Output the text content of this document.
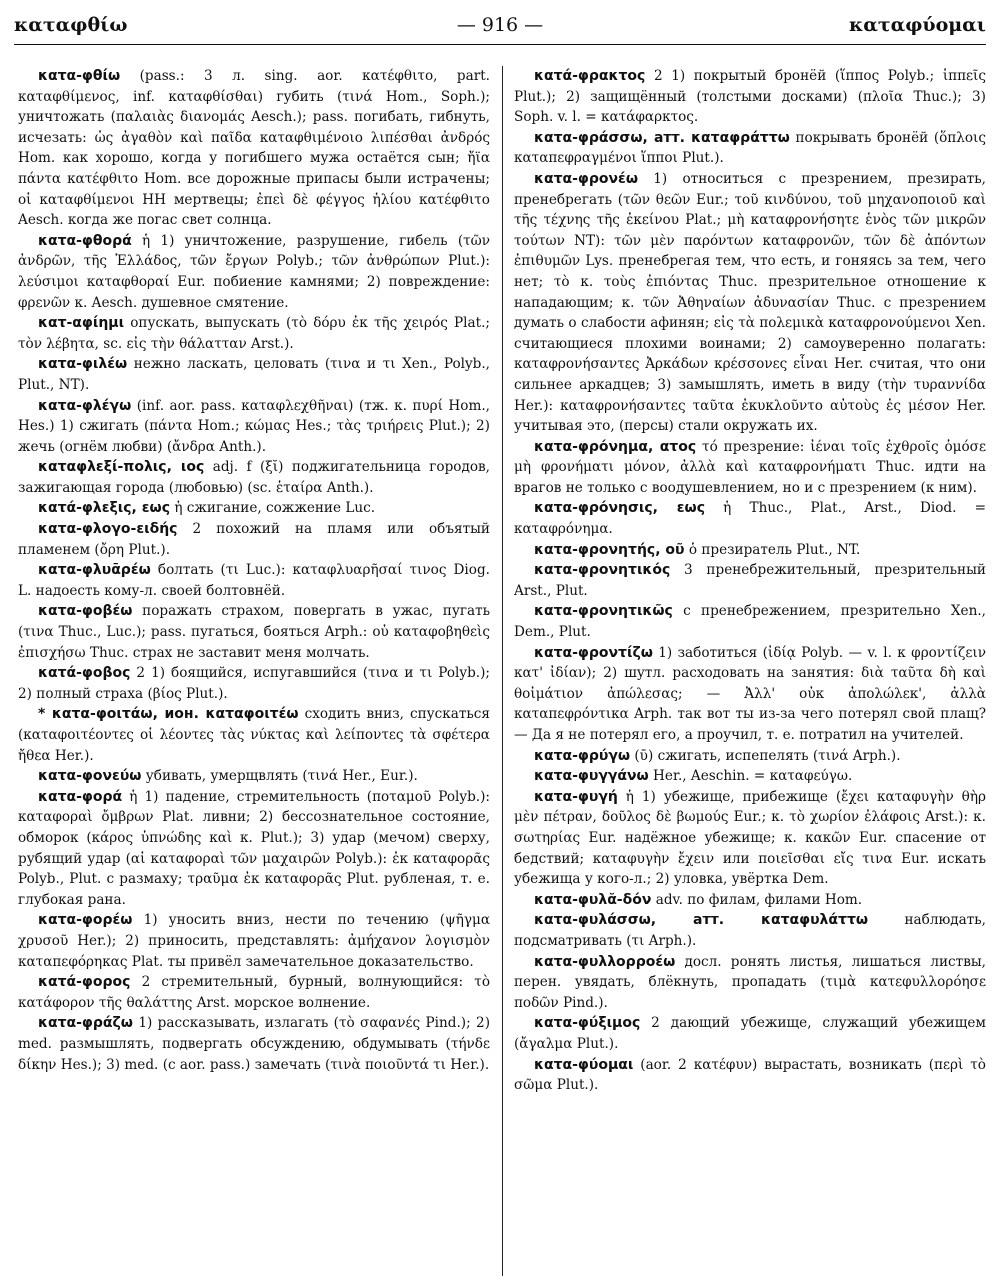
καταφθίω	— 916 —	καταφύομαι

κατα-φθίω (pass.: 3 л. sing. aor. κατέφθιτο, part. καταφθίμενος, inf. καταφθίσθαι) губить (τινά Hom., Soph.); уничтожать (παλαιὰς διανομάς Aesch.); pass. погибать, гибнуть, исчезать: ὡς ἀγαθὸν καὶ παῖδα καταφθιμένοιο λιπέσθαι ἀνδρός Hom. как хорошо, когда у погибшего мужа остаётся сын; ἤϊα πάντα κατέφθιτο Hom. все дорожные припасы были истрачены; οἱ καταφθίμενοι НН мертвецы; ἐπεὶ δὲ φέγγος ἡλίου κατέφθιτο Aesch. когда же погас свет солнца.

κατα-φθορά ἡ 1) уничтожение, разрушение, гибель (τῶν ἀνδρῶν, τῆς Ἑλλάδος, τῶν ἔργων Polyb.; τῶν ἀνθρώπων Plut.): λεύσιμοι καταφθοραί Eur. побиение камнями; 2) повреждение: φρενῶν κ. Aesch. душевное смятение.

κατ-αφίημι опускать, выпускать (τὸ δόρυ ἐκ τῆς χειρός Plat.; τὸν λέβητα, sc. εἰς τὴν θάλατταν Arst.).

κατα-φιλέω нежно ласкать, целовать (τινα и τι Xen., Polyb., Plut., NT).

κατα-φλέγω (inf. aor. pass. καταφλεχθῆναι) (тж. κ. πυρί Hom., Hes.) 1) сжигать (πάντα Hom.; κώμας Hes.; τὰς τριήρεις Plut.); 2) жечь (огнём любви) (ἄνδρα Anth.).

καταφλεξί-πολις, ιος adj. f (ξῐ) поджигательница городов, зажигающая города (любовью) (sc. ἑταίρα Anth.).

κατά-φλεξις, εως ἡ сжигание, сожжение Luc.

κατα-φλογο-ειδής 2 похожий на пламя или объятый пламенем (ὄρη Plut.).

κατα-φλυᾱρέω болтать (τι Luc.): καταφλυαρῆσαί τινος Diog. L. надоесть кому-л. своей болтовнёй.

κατα-φοβέω поражать страхом, повергать в ужас, пугать (τινα Thuc., Luc.); pass. пугаться, бояться Arph.: οὐ καταφοβηθεὶς ἐπισχήσω Thuc. страх не заставит меня молчать.

κατά-φοβος 2 1) боящийся, испугавшийся (τινα и τι Polyb.); 2) полный страха (βίος Plut.).

* κατα-φοιτάω, ион. καταφοιτέω сходить вниз, спускаться (καταφοιτέοντες οἱ λέοντες τὰς νύκτας καὶ λείποντες τὰ σφέτερα ἤθεα Her.).

κατα-φονεύω убивать, умерщвлять (τινά Her., Eur.).

κατα-φορά ἡ 1) падение, стремительность (ποταμοῦ Polyb.): καταφοραὶ ὄμβρων Plat. ливни; 2) бессознательное состояние, обморок (κάρος ὑπνώδης καὶ κ. Plut.); 3) удар (мечом) сверху, рубящий удар (αἱ καταφοραὶ τῶν μαχαιρῶν Polyb.): ἐκ καταφορᾶς Polyb., Plut. с размаху; τραῦμα ἐκ καταφορᾶς Plut. рубленая, т. е. глубокая рана.

κατα-φορέω 1) уносить вниз, нести по течению (ψῆγμα χρυσοῦ Her.); 2) приносить, представлять: ἀμήχανον λογισμὸν καταπεφόρηκας Plat. ты привёл замечательное доказательство.

κατά-φορος 2 стремительный, бурный, волнующийся: τὸ κατάφορον τῆς θαλάττης Arst. морское волнение.

κατα-φράζω 1) рассказывать, излагать (τὸ σαφανές Pind.); 2) med. размышлять, подвергать обсуждению, обдумывать (τήνδε δίκην Hes.); 3) med. (с aor. pass.) замечать (τινὰ ποιοῦντά τι Her.).

κατά-φρακτος 2 1) покрытый бронёй (ἵππος Polyb.; ἱππεῖς Plut.); 2) защищённый (толстыми досками) (πλοῖα Thuc.); 3) Soph. v. l. = κατάφαρκτος.

κατα-φράσσω, атт. καταφράττω покрывать бронёй (ὅπλοις καταπεφραγμένοι ἵπποι Plut.).

κατα-φρονέω 1) относиться с презрением, презирать, пренебрегать (τῶν θεῶν Eur.; τοῦ κινδύνου, τοῦ μηχανοποιοῦ καὶ τῆς τέχνης τῆς ἐκείνου Plat.; μὴ καταφρονήσητε ἑνὸς τῶν μικρῶν τούτων NT): τῶν μὲν παρόντων καταφρονῶν, τῶν δὲ ἀπόντων ἐπιθυμῶν Lys. пренебрегая тем, что есть, и гоняясь за тем, чего нет; τὸ κ. τοὺς ἐπιόντας Thuc. презрительное отношение к нападающим; κ. τῶν Ἀθηναίων ἀδυνασίαν Thuc. с презрением думать о слабости афинян; εἰς τὰ πολεμικὰ καταφρονούμενοι Xen. считающиеся плохими воинами; 2) самоуверенно полагать: καταφρονήσαντες Ἀρκάδων κρέσσονες εἶναι Her. считая, что они сильнее аркадцев; 3) замышлять, иметь в виду (τὴν τυραννίδα Her.): καταφρονήσαντες ταῦτα ἐκυκλοῦντο αὐτοὺς ἐς μέσον Her. учитывая это, (персы) стали окружать их.

κατα-φρόνημα, ατος τό презрение: ἰέναι τοῖς ἐχθροῖς ὁμόσε μὴ φρονήματι μόνον, ἀλλὰ καὶ καταφρονήματι Thuc. идти на врагов не только с воодушевлением, но и с презрением (к ним).

κατα-φρόνησις, εως ἡ Thuc., Plat., Arst., Diod. = καταφρόνημα.

κατα-φρονητής, οῦ ὁ презиратель Plut., NT.

κατα-φρονητικός 3 пренебрежительный, презрительный Arst., Plut.

κατα-φρονητικῶς с пренебрежением, презрительно Xen., Dem., Plut.

κατα-φροντίζω 1) заботиться (ἰδίᾳ Polyb. — v. l. к φροντίζειν κατ' ἰδίαν); 2) шутл. расходовать на занятия: διὰ ταῦτα δὴ καὶ θοἰμάτιον ἀπώλεσας; — Ἀλλ' οὐκ ἀπολώλεκ', ἀλλὰ καταπεφρόντικα Arph. так вот ты из-за чего потерял свой плащ? — Да я не потерял его, а проучил, т. е. потратил на учителей.

κατα-φρύγω (ῡ) сжигать, испепелять (τινά Arph.).

κατα-φυγγάνω Her., Aeschin. = καταφεύγω.

κατα-φυγή ἡ 1) убежище, прибежище (ἔχει καταφυγὴν θὴρ μὲν πέτραν, δοῦλος δὲ βωμούς Eur.; κ. τὸ χωρίον ἐλάφοις Arst.): κ. σωτηρίας Eur. надёжное убежище; κ. κακῶν Eur. спасение от бедствий; καταφυγὴν ἔχειν или ποιεῖσθαι εἴς τινα Eur. искать убежища у кого-л.; 2) уловка, увёртка Dem.

κατα-φυλᾰ-δόν adv. по филам, филами Hom.

κατα-φυλάσσω, атт. καταφυλάττω наблюдать, подсматривать (τι Arph.).

κατα-φυλλορροέω досл. ронять листья, лишаться листвы, перен. увядать, блёкнуть, пропадать (τιμὰ κατεφυλλορόησε ποδῶν Pind.).

κατα-φύξιμος 2 дающий убежище, служащий убежищем (ἄγαλμα Plut.).

κατα-φύομαι (aor. 2 κατέφυν) вырастать, возникать (περὶ τὸ σῶμα Plut.).
